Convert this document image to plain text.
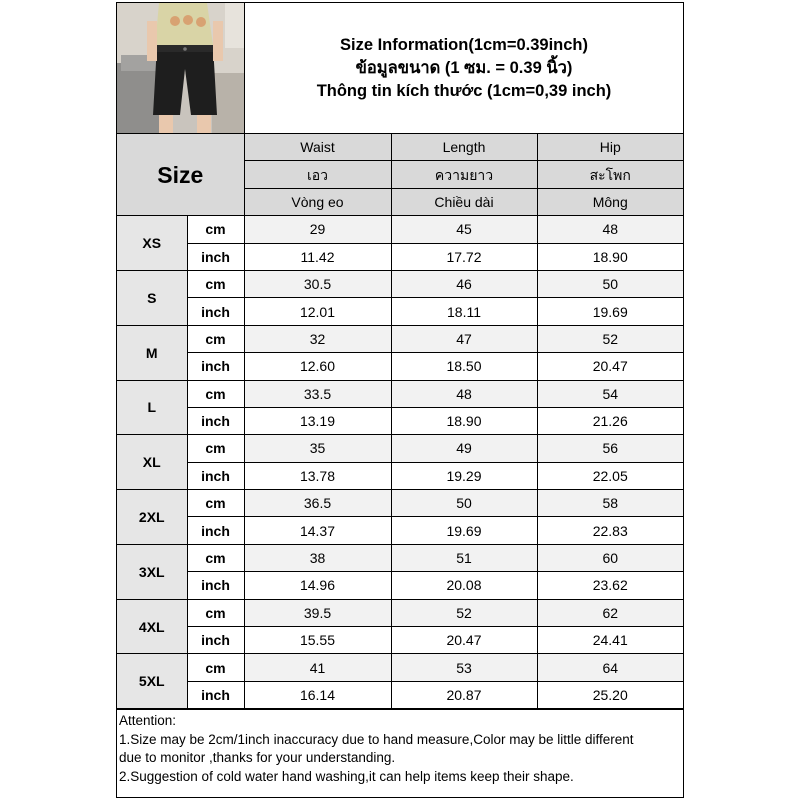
Size Information(1cm=0.39inch)
ข้อมูลขนาด (1 ซม. = 0.39 นิ้ว)
Thông tin kích thước (1cm=0,39 inch)
Size		Waist	Length	Hip
		เอว	ความยาว	สะโพก
		Vòng eo	Chiều dài	Mông
XS	cm	29	45	48
	inch	11.42	17.72	18.90
S	cm	30.5	46	50
	inch	12.01	18.11	19.69
M	cm	32	47	52
	inch	12.60	18.50	20.47
L	cm	33.5	48	54
	inch	13.19	18.90	21.26
XL	cm	35	49	56
	inch	13.78	19.29	22.05
2XL	cm	36.5	50	58
	inch	14.37	19.69	22.83
3XL	cm	38	51	60
	inch	14.96	20.08	23.62
4XL	cm	39.5	52	62
	inch	15.55	20.47	24.41
5XL	cm	41	53	64
	inch	16.14	20.87	25.20
Attention:
1.Size may be 2cm/1inch inaccuracy due to hand measure,Color may be little different
due to monitor ,thanks for your understanding.
2.Suggestion of cold water hand washing,it can help items keep their shape.
